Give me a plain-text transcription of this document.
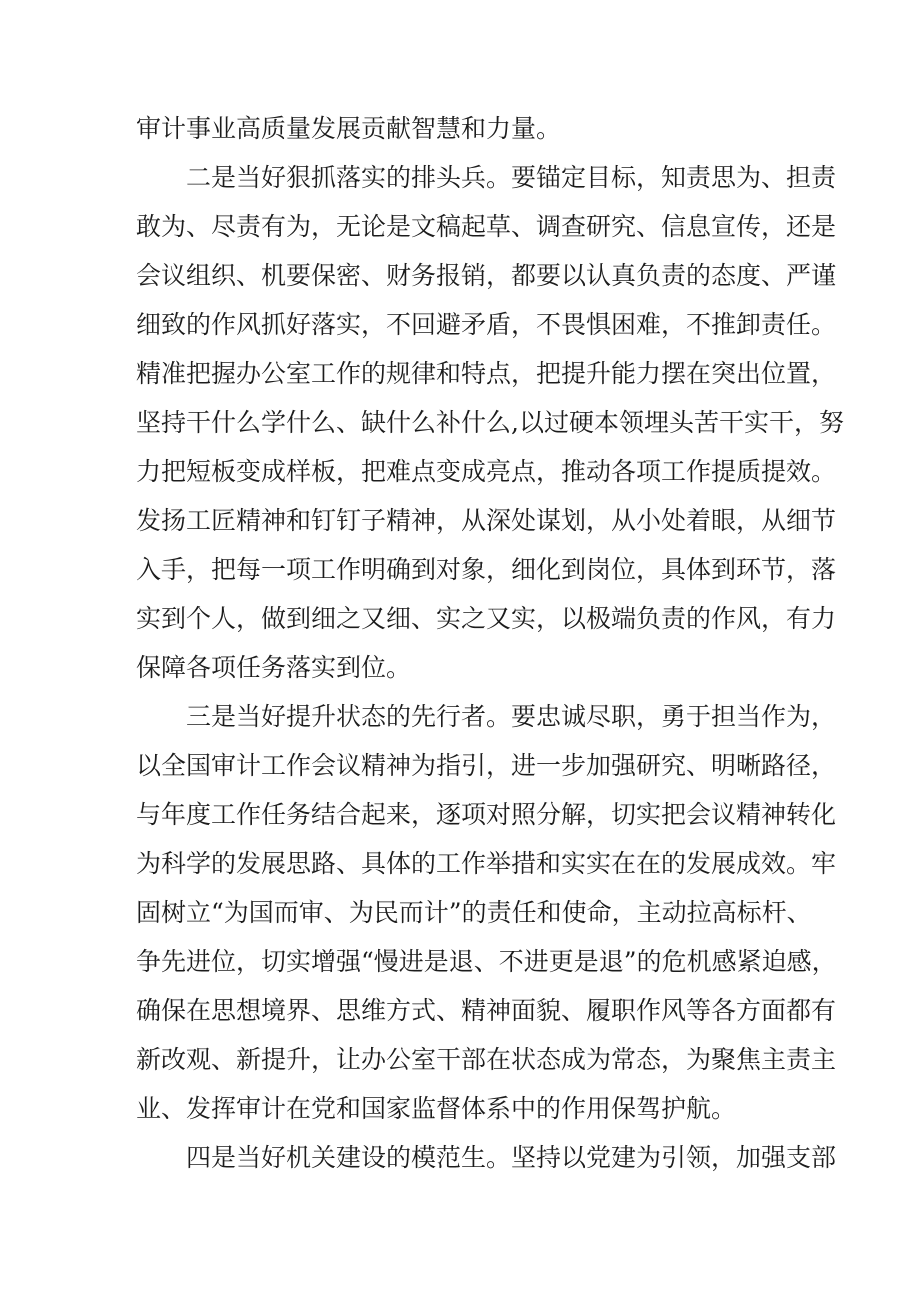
审计事业高质量发展贡献智慧和力量。
二是当好狠抓落实的排头兵。要锚定目标，知责思为、担责
敢为、尽责有为，无论是文稿起草、调查研究、信息宣传，还是
会议组织、机要保密、财务报销，都要以认真负责的态度、严谨
细致的作风抓好落实，不回避矛盾，不畏惧困难，不推卸责任。
精准把握办公室工作的规律和特点，把提升能力摆在突出位置，
坚持干什么学什么、缺什么补什么,以过硬本领埋头苦干实干，努
力把短板变成样板，把难点变成亮点，推动各项工作提质提效。
发扬工匠精神和钉钉子精神，从深处谋划，从小处着眼，从细节
入手，把每一项工作明确到对象，细化到岗位，具体到环节，落
实到个人，做到细之又细、实之又实，以极端负责的作风，有力
保障各项任务落实到位。
三是当好提升状态的先行者。要忠诚尽职，勇于担当作为，
以全国审计工作会议精神为指引，进一步加强研究、明晰路径，
与年度工作任务结合起来，逐项对照分解，切实把会议精神转化
为科学的发展思路、具体的工作举措和实实在在的发展成效。牢
固树立“为国而审、为民而计”的责任和使命，主动拉高标杆、
争先进位，切实增强“慢进是退、不进更是退”的危机感紧迫感，
确保在思想境界、思维方式、精神面貌、履职作风等各方面都有
新改观、新提升，让办公室干部在状态成为常态，为聚焦主责主
业、发挥审计在党和国家监督体系中的作用保驾护航。
四是当好机关建设的模范生。坚持以党建为引领，加强支部
